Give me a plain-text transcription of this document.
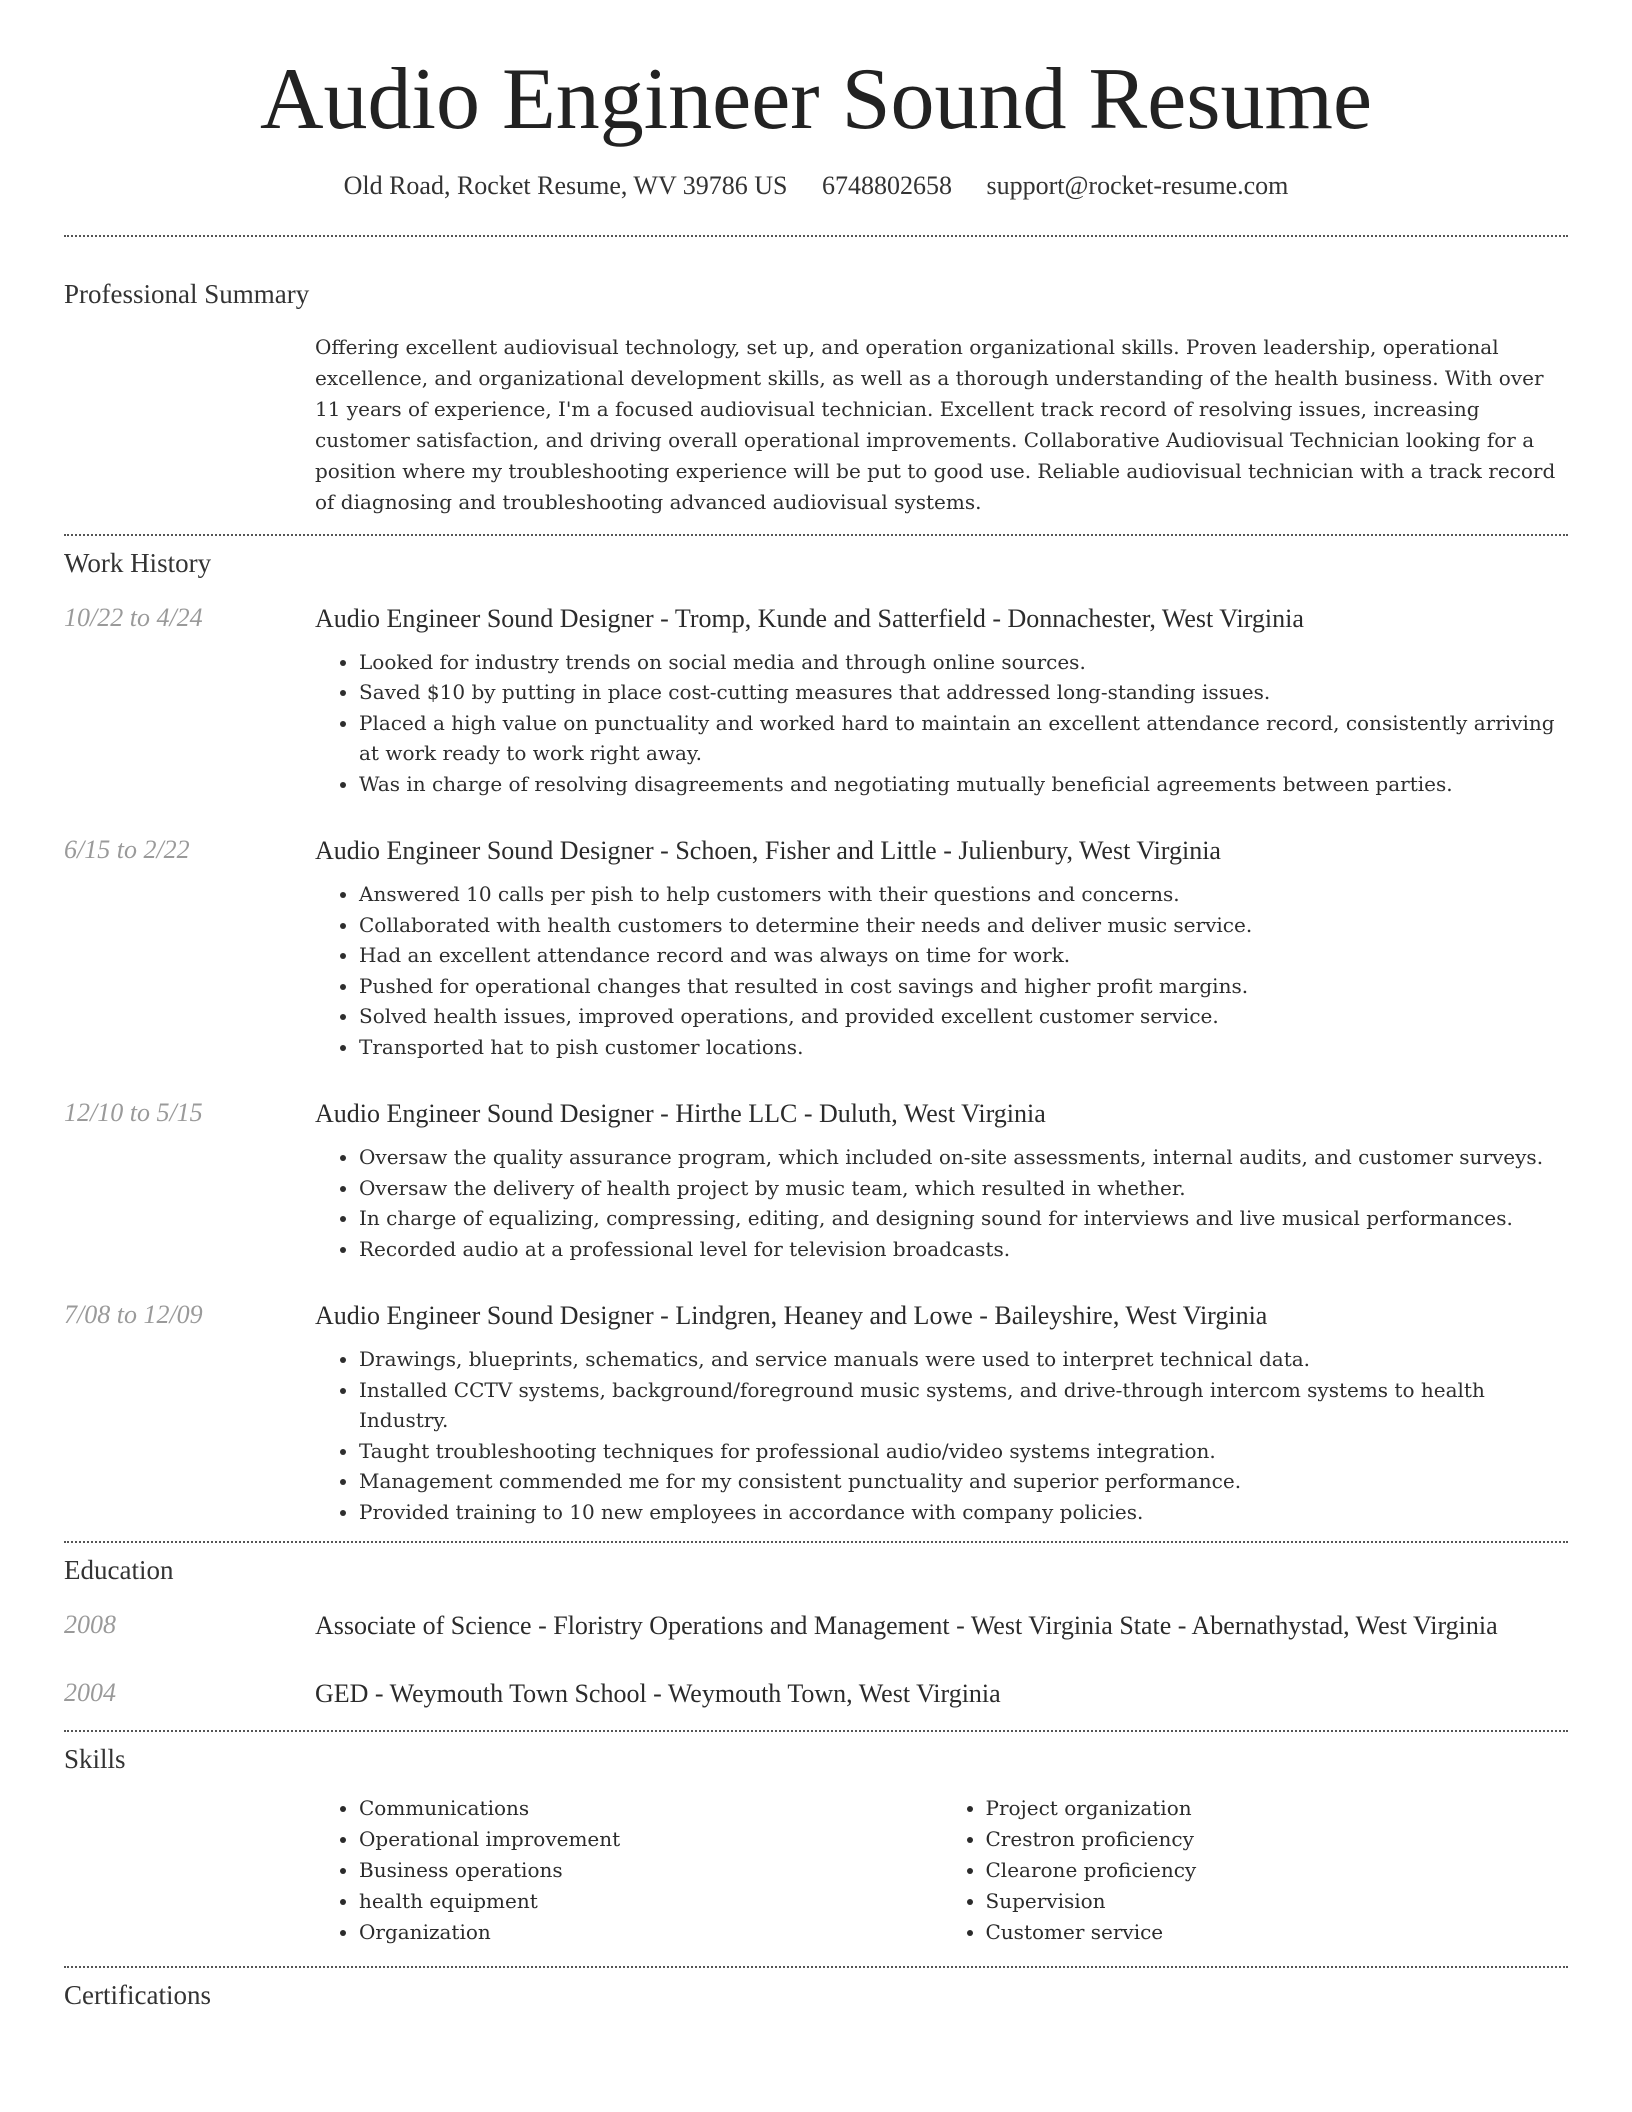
Audio Engineer Sound Resume
Old Road, Rocket Resume, WV 39786 US 6748802658 support@rocket-resume.com
Professional Summary
Offering excellent audiovisual technology, set up, and operation organizational skills. Proven leadership, operational excellence, and organizational development skills, as well as a thorough understanding of the health business. With over 11 years of experience, I'm a focused audiovisual technician. Excellent track record of resolving issues, increasing customer satisfaction, and driving overall operational improvements. Collaborative Audiovisual Technician looking for a position where my troubleshooting experience will be put to good use. Reliable audiovisual technician with a track record of diagnosing and troubleshooting advanced audiovisual systems.
Work History
10/22 to 4/24	Audio Engineer Sound Designer - Tromp, Kunde and Satterfield - Donnachester, West Virginia
• Looked for industry trends on social media and through online sources.
• Saved $10 by putting in place cost-cutting measures that addressed long-standing issues.
• Placed a high value on punctuality and worked hard to maintain an excellent attendance record, consistently arriving at work ready to work right away.
• Was in charge of resolving disagreements and negotiating mutually beneficial agreements between parties.
6/15 to 2/22	Audio Engineer Sound Designer - Schoen, Fisher and Little - Julienbury, West Virginia
• Answered 10 calls per pish to help customers with their questions and concerns.
• Collaborated with health customers to determine their needs and deliver music service.
• Had an excellent attendance record and was always on time for work.
• Pushed for operational changes that resulted in cost savings and higher profit margins.
• Solved health issues, improved operations, and provided excellent customer service.
• Transported hat to pish customer locations.
12/10 to 5/15	Audio Engineer Sound Designer - Hirthe LLC - Duluth, West Virginia
• Oversaw the quality assurance program, which included on-site assessments, internal audits, and customer surveys.
• Oversaw the delivery of health project by music team, which resulted in whether.
• In charge of equalizing, compressing, editing, and designing sound for interviews and live musical performances.
• Recorded audio at a professional level for television broadcasts.
7/08 to 12/09	Audio Engineer Sound Designer - Lindgren, Heaney and Lowe - Baileyshire, West Virginia
• Drawings, blueprints, schematics, and service manuals were used to interpret technical data.
• Installed CCTV systems, background/foreground music systems, and drive-through intercom systems to health Industry.
• Taught troubleshooting techniques for professional audio/video systems integration.
• Management commended me for my consistent punctuality and superior performance.
• Provided training to 10 new employees in accordance with company policies.
Education
2008	Associate of Science - Floristry Operations and Management - West Virginia State - Abernathystad, West Virginia
2004	GED - Weymouth Town School - Weymouth Town, West Virginia
Skills
• Communications
• Operational improvement
• Business operations
• health equipment
• Organization
• Project organization
• Crestron proficiency
• Clearone proficiency
• Supervision
• Customer service
Certifications
